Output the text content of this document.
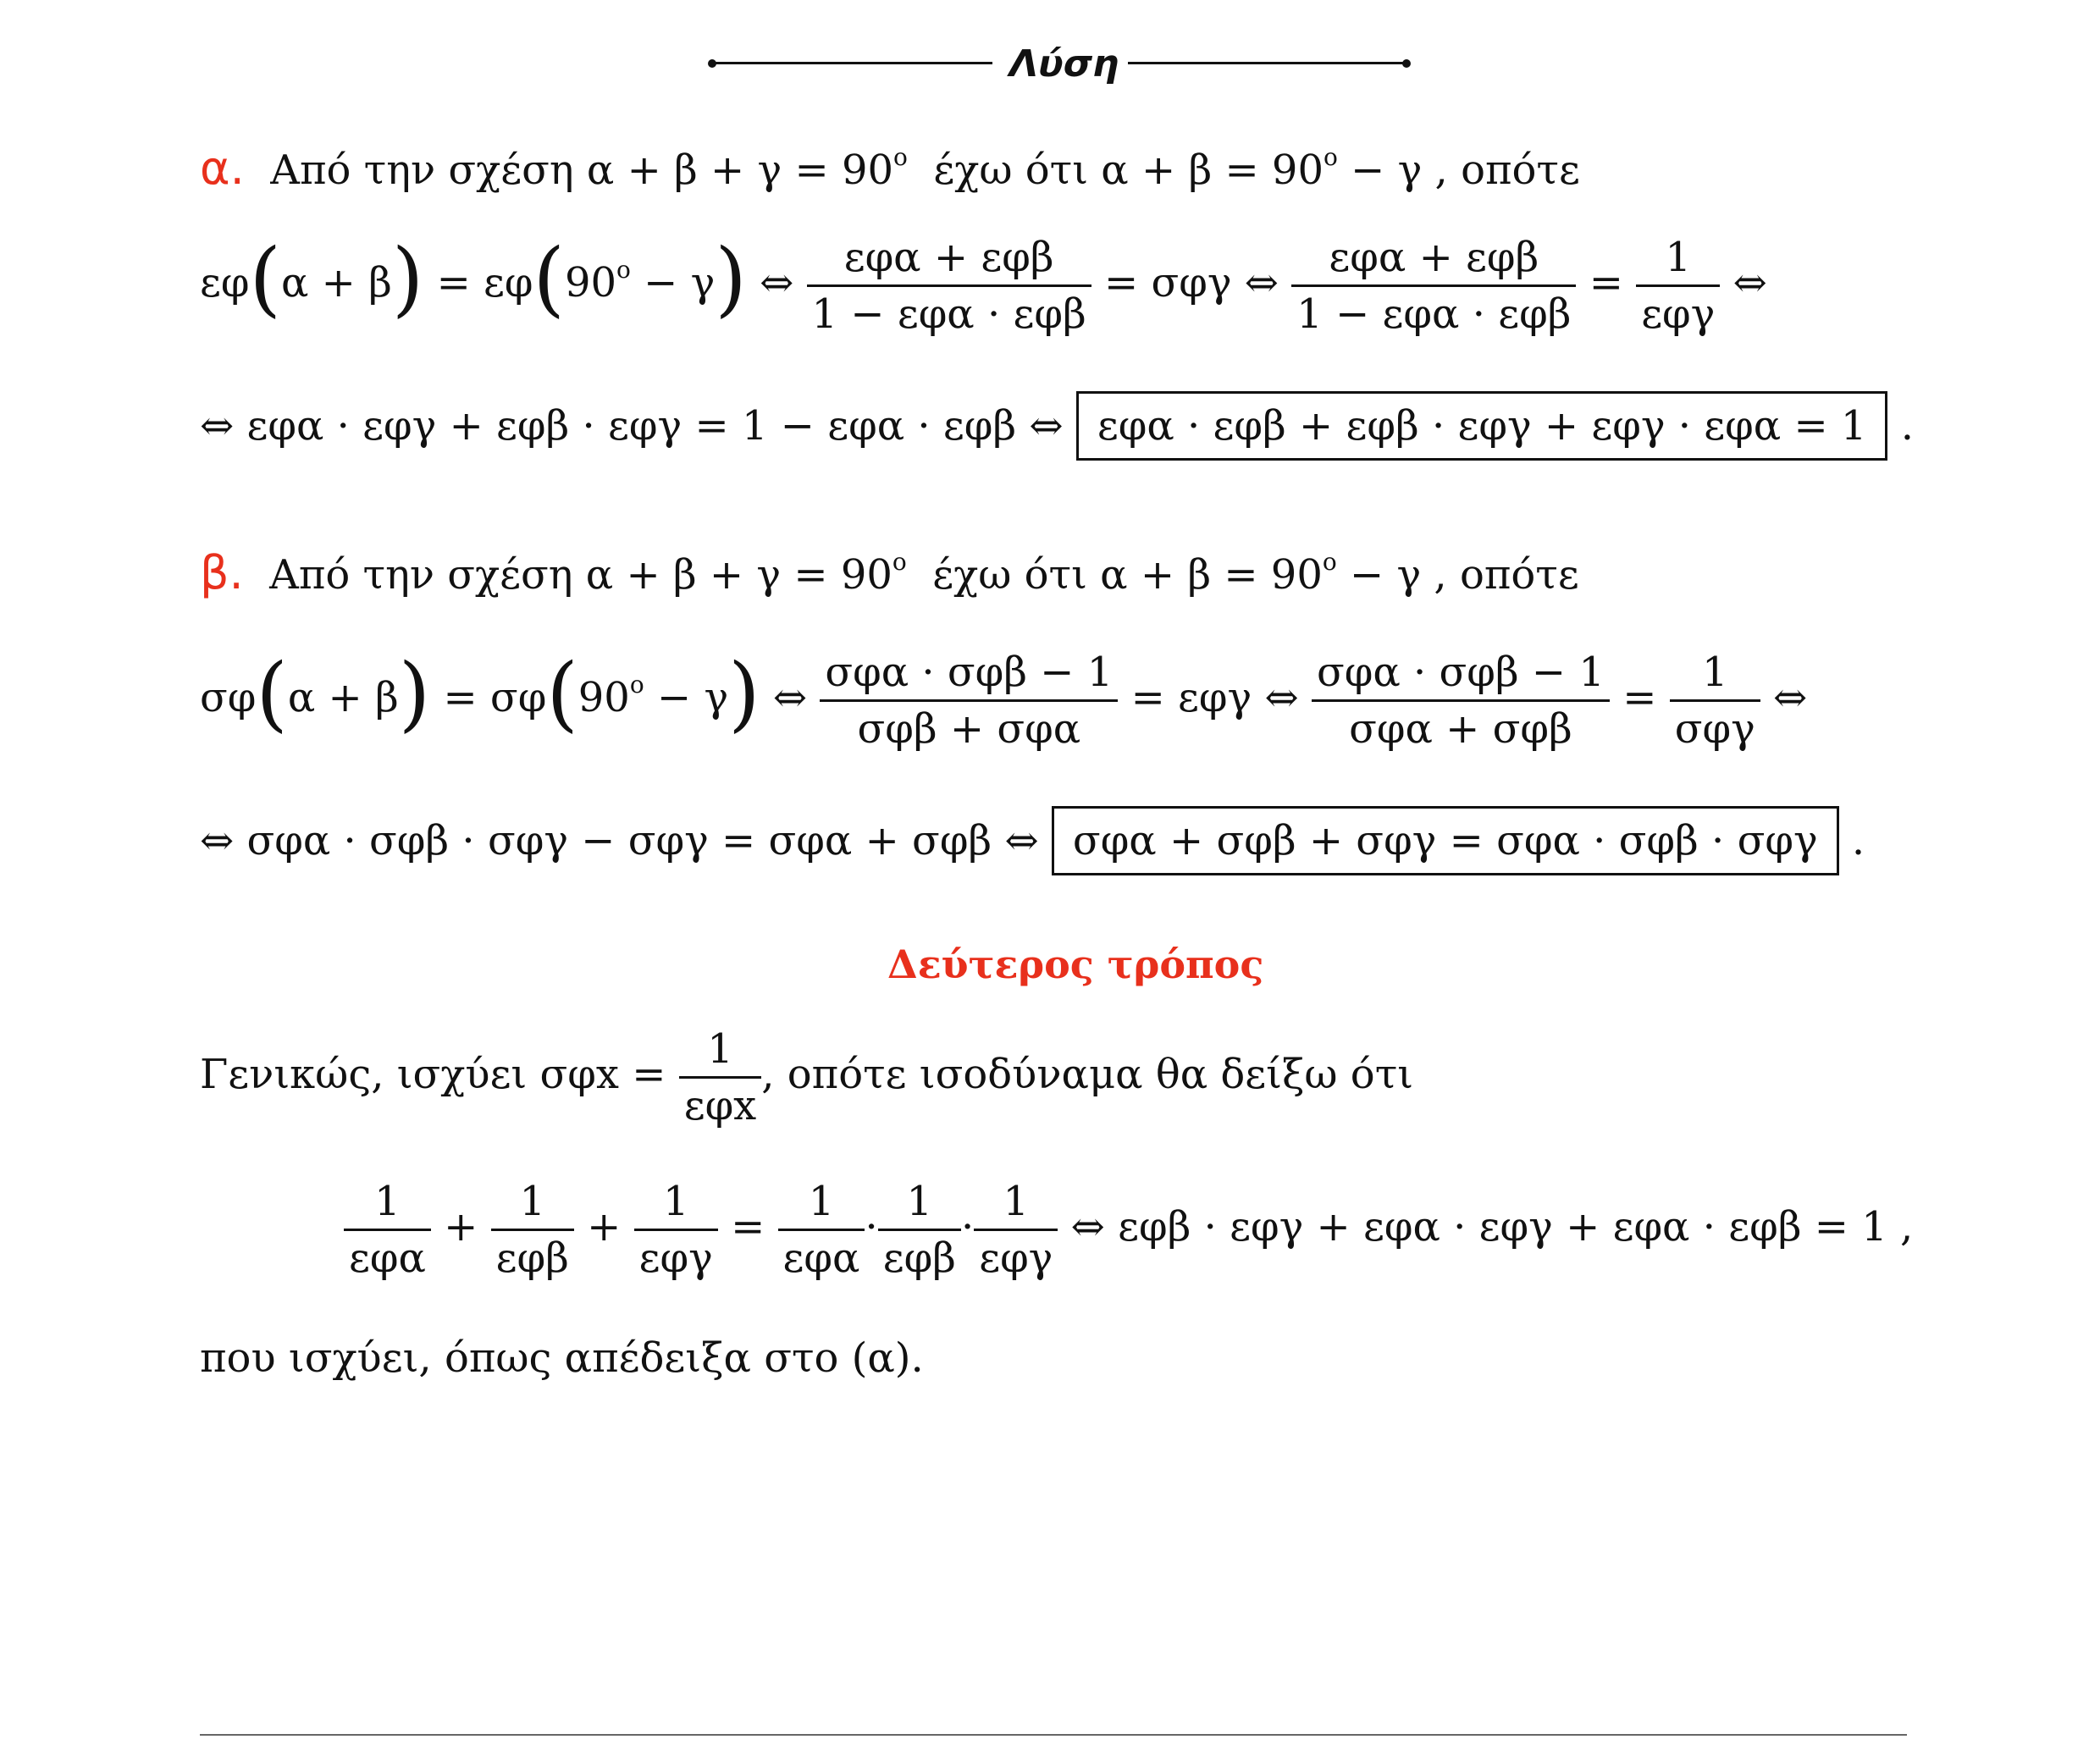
Λύση
α. Από την σχέση $\alpha + \beta + \gamma = 90^o$ έχω ότι $\alpha + \beta = 90^o - \gamma$ , οπότε
$\varepsilon\varphi(\alpha + \beta) = \varepsilon\varphi(90^o - \gamma)$ ⇔ $\frac{\text{εφα + εφβ}}{\text{1 − εφα · εφβ}} = \sigma\varphi\gamma$ ⇔ $\frac{\text{εφα + εφβ}}{\text{1 − εφα · εφβ}} = \frac{1}{\text{εφγ}}$ ⇔
⇔ εφα · εφγ + εφβ · εφγ = 1 − εφα · εφβ ⇔ εφα · εφβ + εφβ · εφγ + εφγ · εφα = 1 .
β. Από την σχέση $\alpha + \beta + \gamma = 90^o$ έχω ότι $\alpha + \beta = 90^o - \gamma$ , οπότε
$\sigma\varphi(\alpha + \beta) = \sigma\varphi(90^o - \gamma)$ ⇔ $\frac{\text{σφα · σφβ − 1}}{\text{σφβ + σφα}} = \varepsilon\varphi\gamma$ ⇔ $\frac{\text{σφα · σφβ − 1}}{\text{σφα + σφβ}} = \frac{1}{\text{σφγ}}$ ⇔
⇔ σφα · σφβ · σφγ − σφγ = σφα + σφβ ⇔ σφα + σφβ + σφγ = σφα · σφβ · σφγ .
Δεύτερος τρόπος
Γενικώς, ισχύει $\sigma\varphi x = \frac{1}{\text{εφx}}$ , οπότε ισοδύναμα θα δείξω ότι
$\frac{1}{\text{εφα}} + \frac{1}{\text{εφβ}} + \frac{1}{\text{εφγ}} = \frac{1}{\text{εφα}} \cdot \frac{1}{\text{εφβ}} \cdot \frac{1}{\text{εφγ}}$ ⇔ εφβ · εφγ + εφα · εφγ + εφα · εφβ = 1 ,
που ισχύει, όπως απέδειξα στο (α).
